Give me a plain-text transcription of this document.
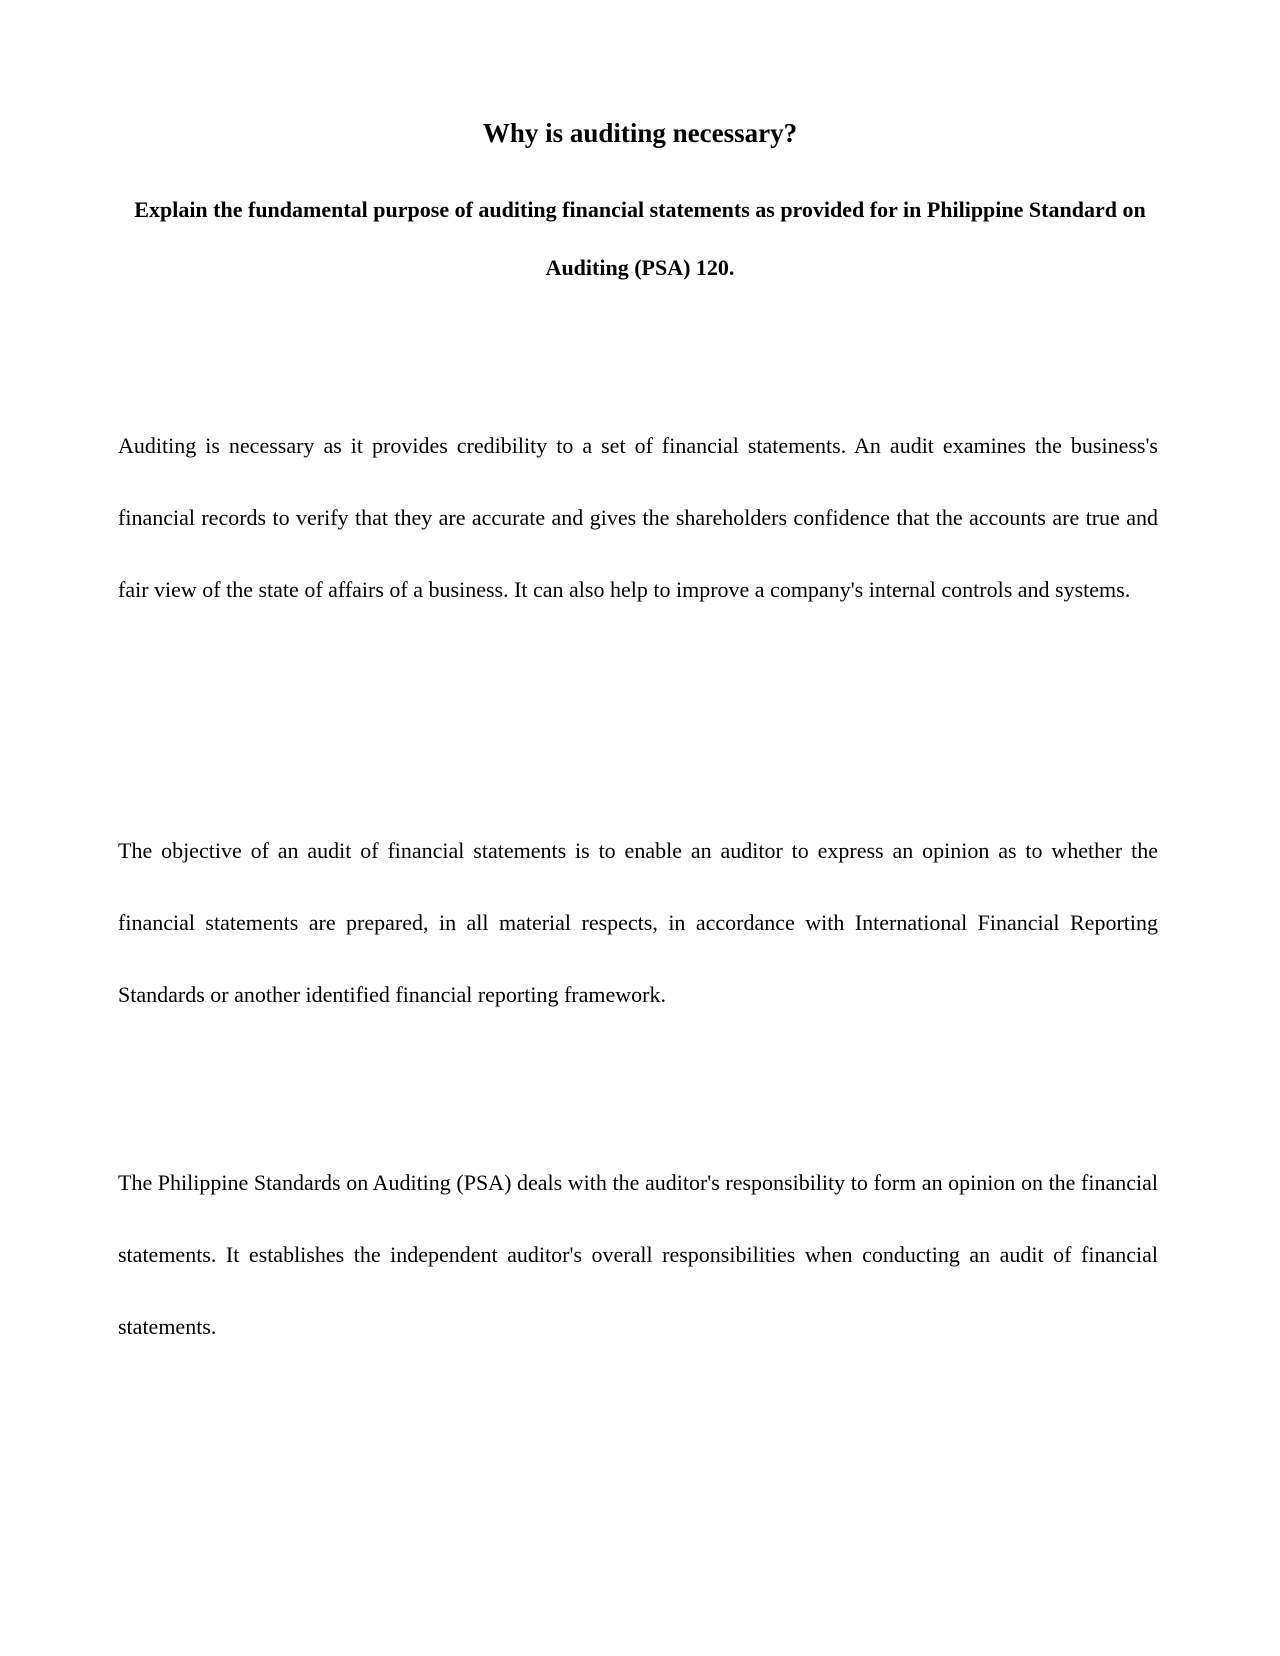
Why is auditing necessary?
Explain the fundamental purpose of auditing financial statements as provided for in Philippine Standard on Auditing (PSA) 120.

Auditing is necessary as it provides credibility to a set of financial statements. An audit examines the business's financial records to verify that they are accurate and gives the shareholders confidence that the accounts are true and fair view of the state of affairs of a business. It can also help to improve a company's internal controls and systems.

The objective of an audit of financial statements is to enable an auditor to express an opinion as to whether the financial statements are prepared, in all material respects, in accordance with International Financial Reporting Standards or another identified financial reporting framework.

The Philippine Standards on Auditing (PSA) deals with the auditor's responsibility to form an opinion on the financial statements. It establishes the independent auditor's overall responsibilities when conducting an audit of financial statements.
